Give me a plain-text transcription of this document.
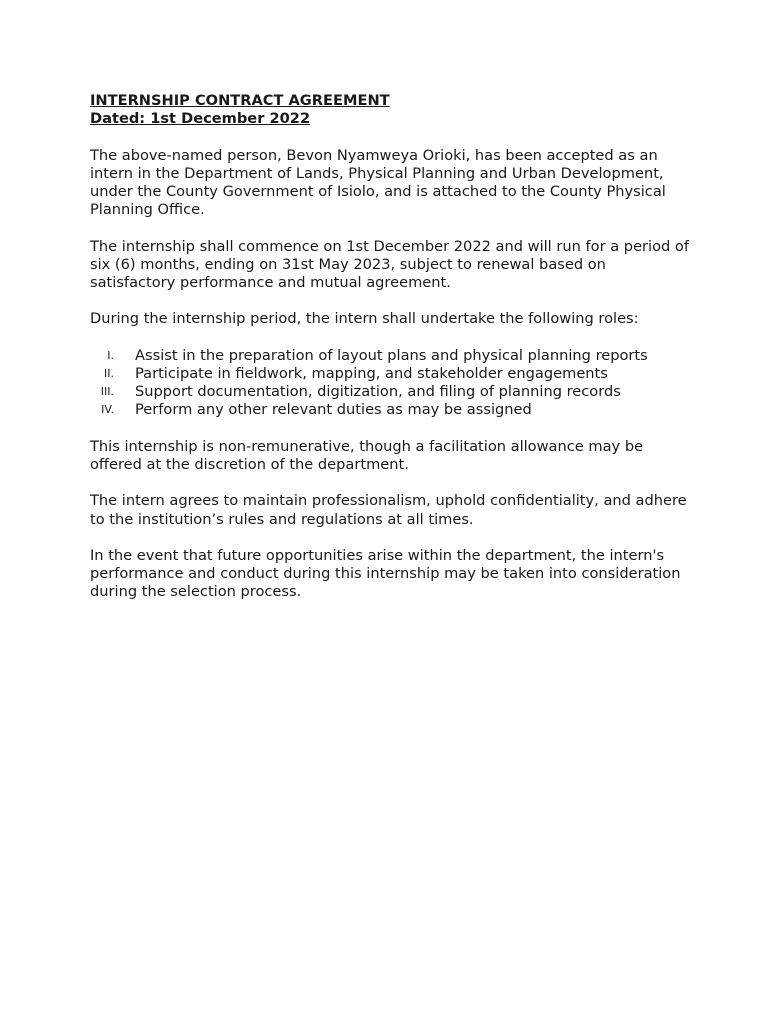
INTERNSHIP CONTRACT AGREEMENT
Dated: 1st December 2022

The above-named person, Bevon Nyamweya Orioki, has been accepted as an intern in the Department of Lands, Physical Planning and Urban Development, under the County Government of Isiolo, and is attached to the County Physical Planning Office.

The internship shall commence on 1st December 2022 and will run for a period of six (6) months, ending on 31st May 2023, subject to renewal based on satisfactory performance and mutual agreement.

During the internship period, the intern shall undertake the following roles:

I. Assist in the preparation of layout plans and physical planning reports
II. Participate in fieldwork, mapping, and stakeholder engagements
III. Support documentation, digitization, and filing of planning records
IV. Perform any other relevant duties as may be assigned

This internship is non-remunerative, though a facilitation allowance may be offered at the discretion of the department.

The intern agrees to maintain professionalism, uphold confidentiality, and adhere to the institution’s rules and regulations at all times.

In the event that future opportunities arise within the department, the intern's performance and conduct during this internship may be taken into consideration during the selection process.
